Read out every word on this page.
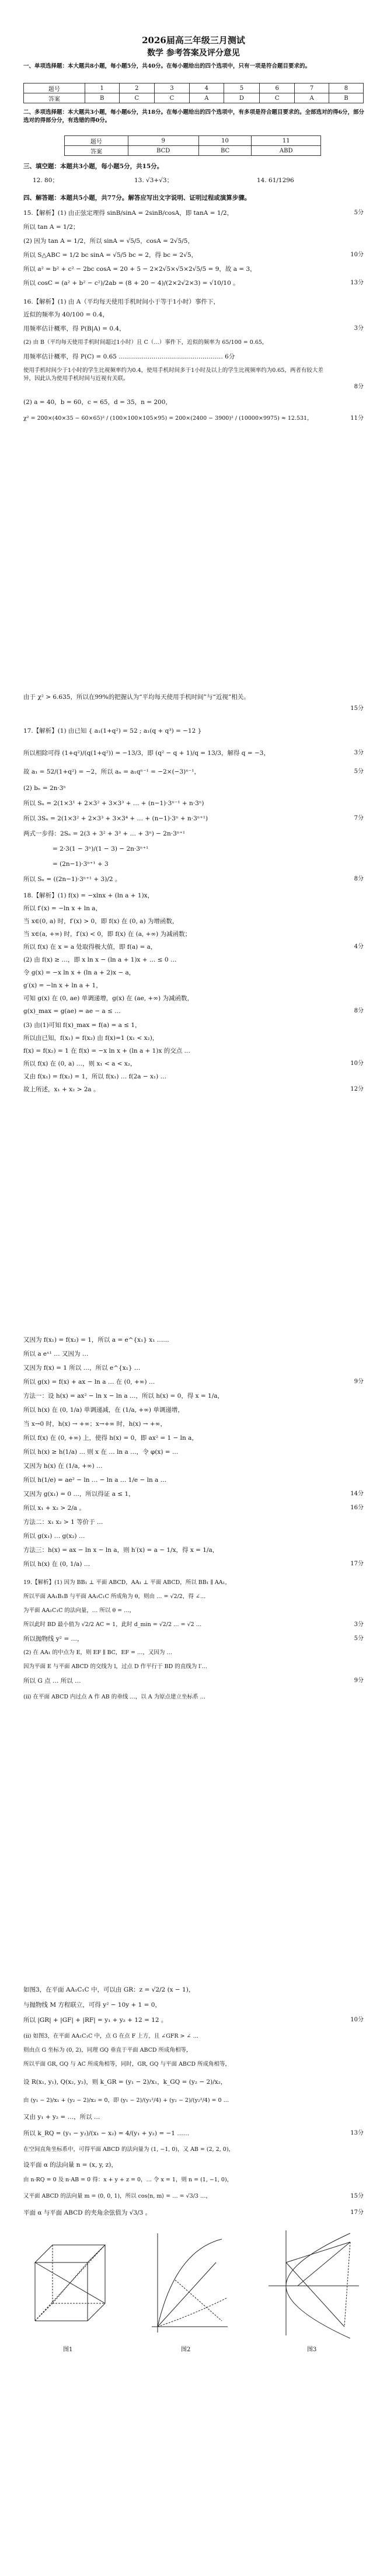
2026届高三年级三月测试
数学 参考答案及评分意见
一、单项选择题：本大题共8小题，每小题5分，共40分。在每小题给出的四个选项中，只有一项是符合题目要求的。
题号	1	2	3	4	5	6	7	8
答案	B	C	C	A	D	C	A	B
二、多项选择题：本大题共3小题，每小题6分，共18分。在每小题给出的四个选项中，有多项是符合题目要求的。全部选对的得6分，部分选对的得部分分，有选错的得0分。
题号	9	10	11
答案	BCD	BC	ABD
三、填空题：本题共3小题，每小题5分，共15分。
12. 80；	13. √3+√3；	14. 61/1296
四、解答题：本题共5小题，共77分。解答应写出文字说明、证明过程或演算步骤。
15.【解析】(1) 由正弦定理得 sinB/sinA = 2sinB/cosA，即 tanA = 1/2，	5分
所以 tan A = 1/2；
(2) 因为 tan A = 1/2，所以 sinA = √5/5，cosA = 2√5/5，
所以 S△ABC = 1/2 bc sinA = √5/5 bc = 2，得 bc = 2√5，	10分
所以 a² = b² + c² − 2bc cosA = 20 + 5 − 2×2√5×√5×2√5/5 = 9，故 a = 3，
所以 cosC = (a² + b² − c²)/2ab = (8 + 20 − 4)/(2×2√2×3) = √10/10 。	13分
16.【解析】(1) 由 A（平均每天使用手机时间小于等于1小时）事件下，
近似的频率为 40/100 = 0.4，
用频率估计概率，得 P(B|A) = 0.4，	3分
(2) 由 B（平均每天使用手机时间超过1小时）且 C（…）事件下，近似的频率为 65/100 = 0.65，
用频率估计概率，得 P(C) = 0.65 …………………………………………… 6分
使用手机时间少于1小时的学生比视频率约为0.4，使用手机时间多于1小时及以上的学生比视频率约为0.65，两者有较大差异，因此认为使用手机时间与近视有关联。
8分
(2) a = 40，b = 60，c = 65，d = 35，n = 200，
χ² = 200×(40×35 − 60×65)² / (100×100×105×95) = 200×(2400 − 3900)² / (10000×9975) ≈ 12.531，	11分
由于 χ² > 6.635，所以在99%的把握认为“平均每天使用手机时间”与“近视”相关。
15分
17.【解析】(1) 由已知 { a₁(1+q²) = 52 ; a₁(q + q³) = −12 }
所以相除可得 (1+q²)/(q(1+q²)) = −13/3，即 (q² − q + 1)/q = 13/3，解得 q = −3，	3分
故 a₁ = 52/(1+q²) = −2，所以 aₙ = a₁qⁿ⁻¹ = −2×(−3)ⁿ⁻¹，	5分
(2) bₙ = 2n·3ⁿ
所以 Sₙ = 2(1×3¹ + 2×3² + 3×3³ + … + (n−1)·3ⁿ⁻¹ + n·3ⁿ)
所以 3Sₙ = 2(1×3² + 2×3³ + 3×3⁴ + … + (n−1)·3ⁿ + n·3ⁿ⁺¹)	7分
两式一步得：2Sₙ = 2(3 + 3² + 3³ + … + 3ⁿ) − 2n·3ⁿ⁺¹
= 2·3(1 − 3ⁿ)/(1 − 3) − 2n·3ⁿ⁺¹
= (2n−1)·3ⁿ⁺¹ + 3
所以 Sₙ = ((2n−1)·3ⁿ⁺¹ + 3)/2 。	8分
18.【解析】(1) f(x) = −xlnx + (ln a + 1)x，
所以 f′(x) = −ln x + ln a，
当 x∈(0, a) 时，f′(x) > 0，即 f(x) 在 (0, a) 为增函数，
当 x∈(a, +∞) 时，f′(x) < 0，即 f(x) 在 (a, +∞) 为减函数；
所以 f(x) 在 x = a 处取得极大值，即 f(a) = a，	4分
(2) 由 f(x) ≥ …，即 x ln x − (ln a + 1)x + … ≤ 0 …
令 g(x) = −x ln x + (ln a + 2)x − a，
g′(x) = −ln x + ln a + 1，
可知 g(x) 在 (0, ae) 单调递增，g(x) 在 (ae, +∞) 为减函数，
g(x)_max = g(ae) = ae − a ≤ …	8分
(3) 由(1)可知 f(x)_max = f(a) = a ≤ 1，
所以由已知，f(x₁) = f(x₂) 由 f(x)=1 (x₁ < x₂)，
f(x) = f(x₂) = 1 在 f(x) = −x ln x + (ln a + 1)x 的交点 …
所以 f(x) 在 (0, a) …，则 x₁ < a < x₂，	10分
又由 f(x₁) = f(x₂) = 1，所以 f(x₁) … f(2a − x₁) …
故上所述，x₁ + x₂ > 2a 。	12分
又因为 f(x₁) = f(x₂) = 1，所以 a = e^{x₁} x₁ ……
所以 a eˣ¹ … 又因为 …
又因为 f(x) = 1 所以 …，所以 e^{x₁} …
所以 g(x) = f(x) + ax − ln a … 在 (0, +∞) …	9分
方法一：设 h(x) = ax² − ln x − ln a …，所以 h(x) = 0，得 x = 1/a，
所以 h(x) 在 (0, 1/a) 单调递减，在 (1/a, +∞) 单调递增，
当 x→0 时，h(x) → +∞；x→+∞ 时，h(x) → +∞，
所以 f(x) 在 (0, +∞) 上，使得 h(x) = 0，即 ax² = 1 − ln a，
所以 h(x) ≥ h(1/a) … 则 x 在 … ln a …，令 φ(x) = …
又因为 h(x) 在 (1/a, +∞) …
所以 h(1/e) = ae² − ln … − ln a … 1/e − ln a …
又因为 g(x₁) = 0 …，所以得证 a ≤ 1，	14分
所以 x₁ + x₂ > 2/a 。	16分
方法二：x₁ x₂ > 1 等价于 …
所以 g(x₁) … g(x₂) …
方法三：h(x) = ax − ln x − ln a，则 h′(x) = a − 1/x，得 x = 1/a，
所以 h(x) 在 (0, 1/a) …	17分
19.【解析】(1) 因为 BB₁ ⊥ 平面 ABCD，AA₁ ⊥ 平面 ABCD，所以 BB₁ ∥ AA₁，
所以平面 AA₁B₁B 与平面 AA₁C₁C 所成角为 θ，则由 … = √2/2，得 ∠…
为平面 AA₁C₁C 的法向量，… 所以 θ = …，
所以此时 BD 最小值为 √2/2 AC = 1，此时 d_min = √2/2 … = √2 …	3分
所以抛物线 y² = …，	5分
(2) 在 AA₁ 的中点为 E，则 EF ∥ BC，EF = …，又因为 …
因为平面 E 与平面 ABCD 的交线为 l，过点 D 作平行于 BD 的直线为 l′…
所以 G 点 … 所以 …	9分
(ⅱ) 在平面 ABCD 内过点 A 作 AB 的垂线 …，以 A 为原点建立坐标系 …
如图3，在平面 AA₁C₁C 中，可以由 GR：z = √2/2 (x − 1)，
与抛物线 M 方程联立，可得 y² − 10y + 1 = 0，
所以 |GR| + |GF| + |RF| = y₁ + y₂ + 12 = 12 。	10分
(ⅱ) 如图3，在平面 AA₁C₁C 中，点 G 在点 F 上方，且 ∠GFR > ∠ …
则由点 G 坐标为 (0, 2)，同理 GQ 垂直于平面 ABCD 所成角相等，
所以平面 GR, GQ 与 AC 所成角相等，同时，GR, GQ 与平面 ABCD 所成角相等，
设 R(x₁, y₁), Q(x₂, y₂)，则 k_GR = (y₁ − 2)/x₁，k_GQ = (y₂ − 2)/x₂，
由 (y₁ − 2)/x₁ + (y₂ − 2)/x₂ = 0，即 (y₁ − 2)/(y₁²/4) + (y₂ − 2)/(y₂²/4) = 0 …
又由 y₁ + y₂ = …，所以 …
所以 k_RQ = (y₁ − y₂)/(x₁ − x₂) = 4/(y₁ + y₂) = −1 ……	13分
在空间直角坐标系中，可得平面 ABCD 的法向量为 (1, −1, 0)，又 AB = (2, 2, 0)，
设平面 α 的法向量 n = (x, y, z)，
由 n·RQ = 0 及 n·AB = 0 得：x + y + z = 0，… 令 x = 1，则 n = (1, −1, 0)，
又平面 ABCD 的法向量 m = (0, 0, 1)，所以 cos⟨n, m⟩ = … = √3/3 …，	15分
平面 α 与平面 ABCD 的夹角余弦值为 √3/3 。	17分
图1	图2	图3
